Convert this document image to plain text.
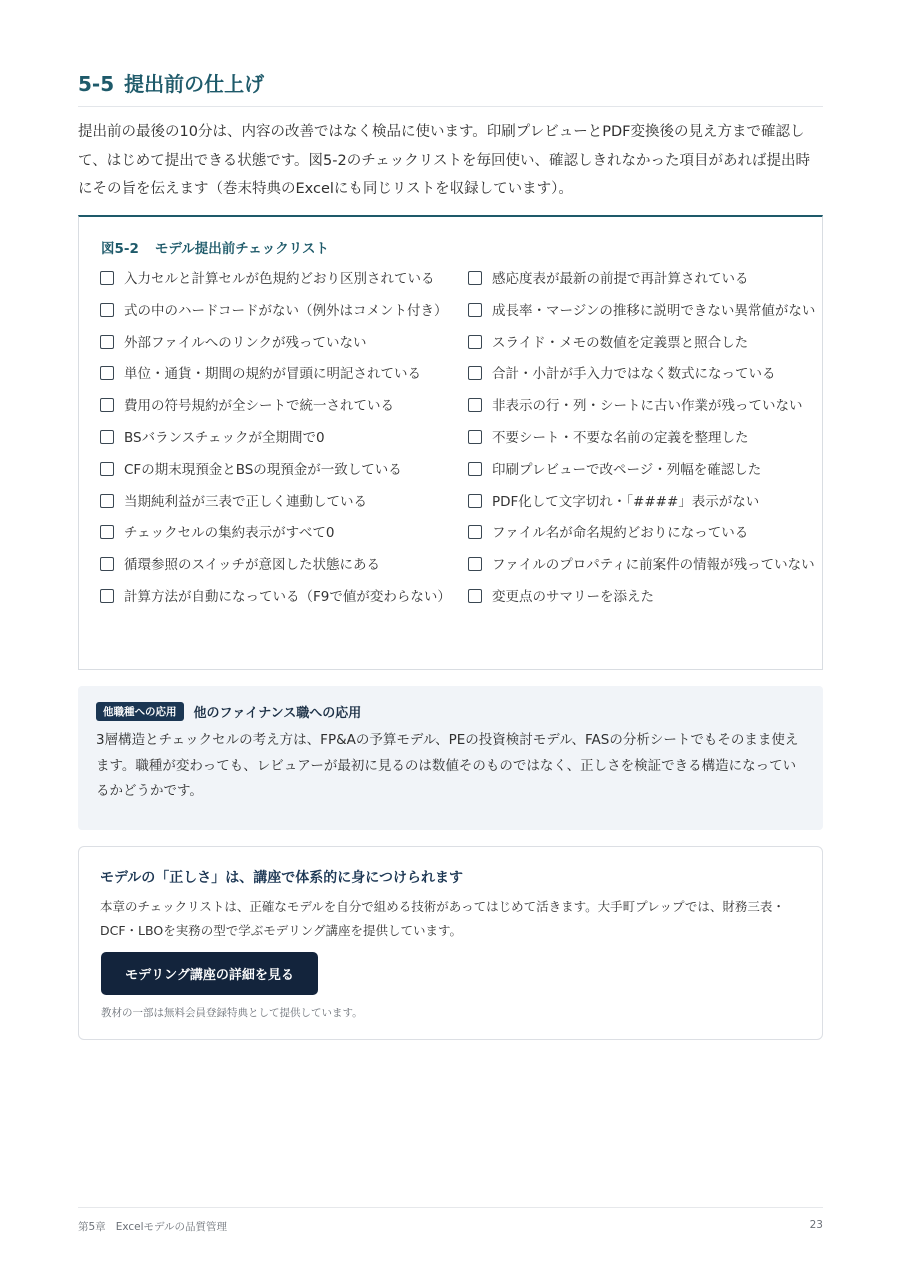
5-5 提出前の仕上げ

提出前の最後の10分は、内容の改善ではなく検品に使います。印刷プレビューとPDF変換後の見え方まで確認して、はじめて提出できる状態です。図5-2のチェックリストを毎回使い、確認しきれなかった項目があれば提出時にその旨を伝えます（巻末特典のExcelにも同じリストを収録しています）。

図5-2 モデル提出前チェックリスト
入力セルと計算セルが色規約どおり区別されている
式の中のハードコードがない（例外はコメント付き）
外部ファイルへのリンクが残っていない
単位・通貨・期間の規約が冒頭に明記されている
費用の符号規約が全シートで統一されている
BSバランスチェックが全期間で0
CFの期末現預金とBSの現預金が一致している
当期純利益が三表で正しく連動している
チェックセルの集約表示がすべて0
循環参照のスイッチが意図した状態にある
計算方法が自動になっている（F9で値が変わらない）
感応度表が最新の前提で再計算されている
成長率・マージンの推移に説明できない異常値がない
スライド・メモの数値を定義票と照合した
合計・小計が手入力ではなく数式になっている
非表示の行・列・シートに古い作業が残っていない
不要シート・不要な名前の定義を整理した
印刷プレビューで改ページ・列幅を確認した
PDF化して文字切れ・「####」表示がない
ファイル名が命名規約どおりになっている
ファイルのプロパティに前案件の情報が残っていない
変更点のサマリーを添えた
他職種への応用	他のファイナンス職への応用

3層構造とチェックセルの考え方は、FP&Aの予算モデル、PEの投資検討モデル、FASの分析シートでもそのまま使えます。職種が変わっても、レビュアーが最初に見るのは数値そのものではなく、正しさを検証できる構造になっているかどうかです。

モデルの「正しさ」は、講座で体系的に身につけられます

本章のチェックリストは、正確なモデルを自分で組める技術があってはじめて活きます。大手町プレップでは、財務三表・DCF・LBOを実務の型で学ぶモデリング講座を提供しています。

モデリング講座の詳細を見る

教材の一部は無料会員登録特典として提供しています。

第5章 Excelモデルの品質管理	23
